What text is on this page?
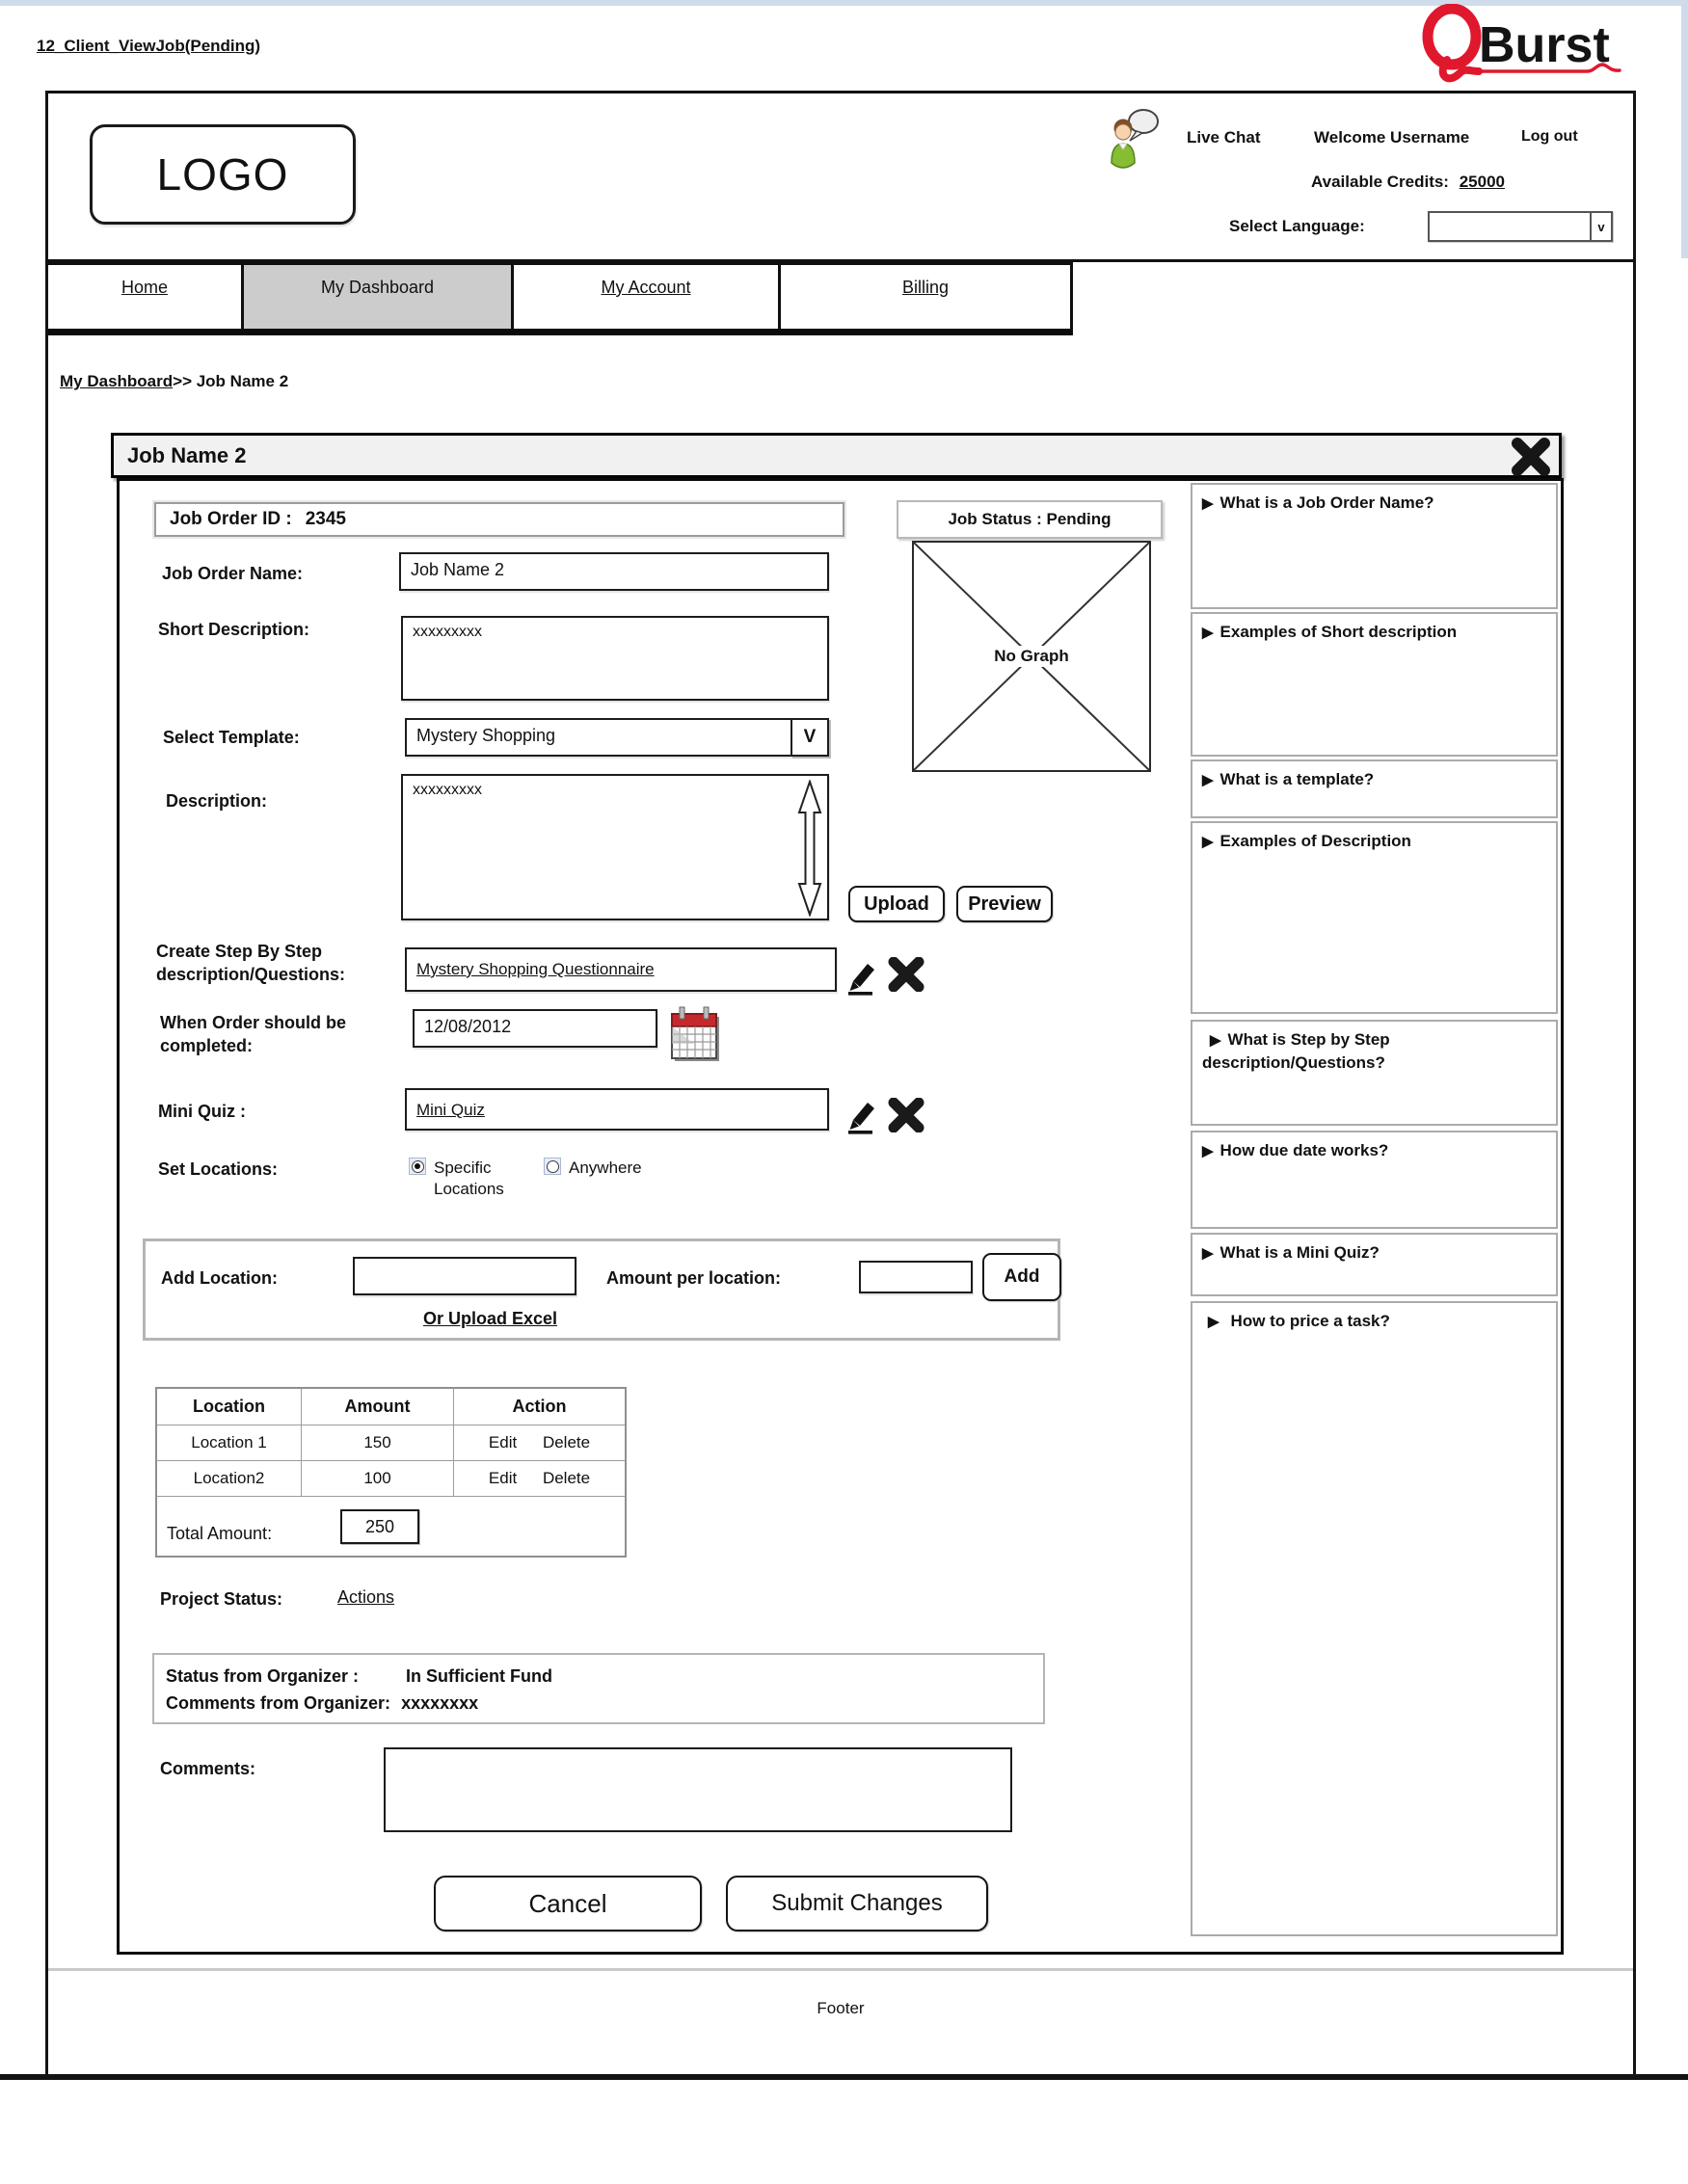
12_Client_ViewJob(Pending)	Burst
LOGO
Live Chat	Welcome Username	Log out
Available Credits: 25000
Select Language:	v
Home	My Dashboard	My Account	Billing
My Dashboard>> Job Name 2
Job Name 2
Job Order ID : 2345	Job Status : Pending
No Graph
Job Order Name:	Job Name 2
Short Description:	xxxxxxxxx
Select Template:	Mystery Shopping	V
Description:
xxxxxxxxx
Upload	Preview
Create Step By Step
description/Questions:	Mystery Shopping Questionnaire
When Order should be
completed:
12/08/2012
Mini Quiz :	Mini Quiz
Set Locations:	Specific Locations
Anywhere
Add Location:	Amount per location:	Add
Or Upload Excel
Location	Amount	Action
Location 1	150	Edit Delete
Location2	100	Edit Delete
Total Amount:	250
Project Status:	Actions
Status from Organizer :	In Sufficient Fund
Comments from Organizer: xxxxxxxx
Comments:
Cancel	Submit Changes
▶ What is a Job Order Name?
▶ Examples of Short description
▶ What is a template?
▶ Examples of Description
▶ What is Step by Step description/Questions?
▶ How due date works?
▶ What is a Mini Quiz?
▶ How to price a task?
Footer
